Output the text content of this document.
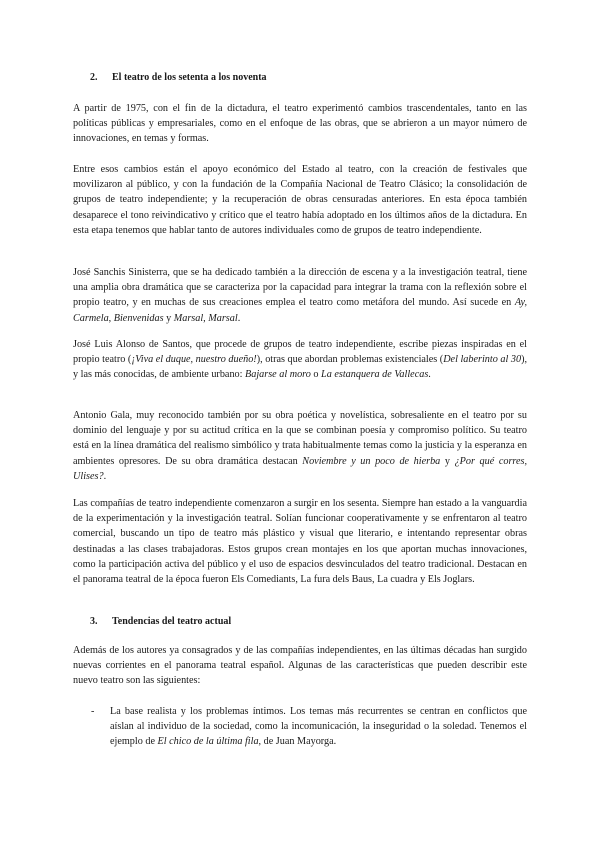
2. El teatro de los setenta a los noventa

A partir de 1975, con el fin de la dictadura, el teatro experimentó cambios trascendentales, tanto en las políticas públicas y empresariales, como en el enfoque de las obras, que se abrieron a un mayor número de innovaciones, en temas y formas.

Entre esos cambios están el apoyo económico del Estado al teatro, con la creación de festivales que movilizaron al público, y con la fundación de la Compañía Nacional de Teatro Clásico; la consolidación de grupos de teatro independiente; y la recuperación de obras censuradas anteriores. En esta época también desaparece el tono reivindicativo y crítico que el teatro había adoptado en los últimos años de la dictadura. En esta etapa tenemos que hablar tanto de autores individuales como de grupos de teatro independiente.

José Sanchis Sinisterra, que se ha dedicado también a la dirección de escena y a la investigación teatral, tiene una amplia obra dramática que se caracteriza por la capacidad para integrar la trama con la reflexión sobre el propio teatro, y en muchas de sus creaciones emplea el teatro como metáfora del mundo. Así sucede en Ay, Carmela, Bienvenidas y Marsal, Marsal.

José Luis Alonso de Santos, que procede de grupos de teatro independiente, escribe piezas inspiradas en el propio teatro (¡Viva el duque, nuestro dueño!), otras que abordan problemas existenciales (Del laberinto al 30), y las más conocidas, de ambiente urbano: Bajarse al moro o La estanquera de Vallecas.

Antonio Gala, muy reconocido también por su obra poética y novelística, sobresaliente en el teatro por su dominio del lenguaje y por su actitud crítica en la que se combinan poesía y compromiso político. Su teatro está en la línea dramática del realismo simbólico y trata habitualmente temas como la justicia y la esperanza en ambientes opresores. De su obra dramática destacan Noviembre y un poco de hierba y ¿Por qué corres, Ulises?.

Las compañías de teatro independiente comenzaron a surgir en los sesenta. Siempre han estado a la vanguardia de la experimentación y la investigación teatral. Solían funcionar cooperativamente y se enfrentaron al teatro comercial, buscando un tipo de teatro más plástico y visual que literario, e intentando representar obras destinadas a las clases trabajadoras. Estos grupos crean montajes en los que aportan muchas innovaciones, como la participación activa del público y el uso de espacios desvinculados del teatro tradicional. Destacan en el panorama teatral de la época fueron Els Comediants, La fura dels Baus, La cuadra y Els Joglars.

3. Tendencias del teatro actual

Además de los autores ya consagrados y de las compañías independientes, en las últimas décadas han surgido nuevas corrientes en el panorama teatral español. Algunas de las características que pueden describir este nuevo teatro son las siguientes:

- La base realista y los problemas íntimos. Los temas más recurrentes se centran en conflictos que aíslan al individuo de la sociedad, como la incomunicación, la inseguridad o la soledad. Tenemos el ejemplo de El chico de la última fila, de Juan Mayorga.
